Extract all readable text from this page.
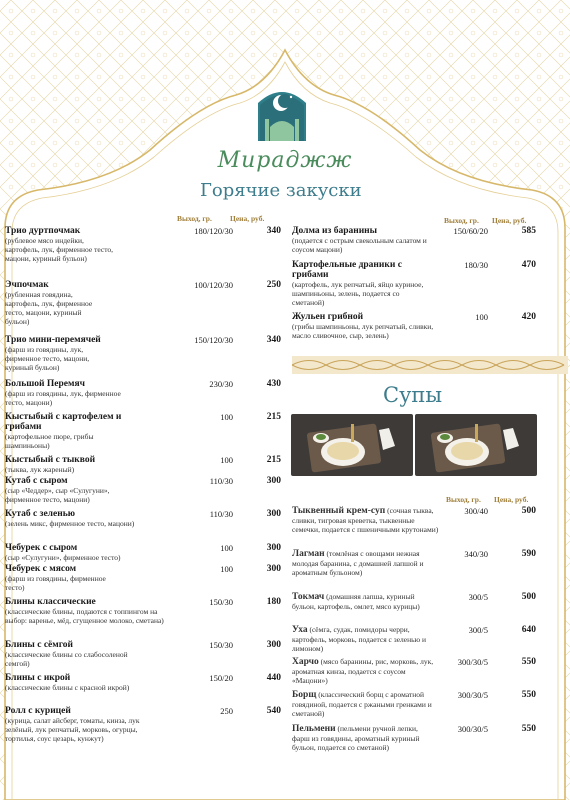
Мираджж
Горячие закуски
Выход, гр. Цена, руб.
Трио дуртпочмак
(рублевое мясо индейки, картофель, лук, фирменное тесто, мацони, куриный бульон)
180/120/30	340
Эчпочмак
(рубленная говядина, картофель, лук, фирменное тесто, мацони, куриный бульон)
100/120/30	250
Трио мини-перемячей
(фарш из говядины, лук, фирменное тесто, мацони, куриный бульон)
150/120/30	340
Большой Перемяч
(фарш из говядины, лук, фирменное тесто, мацони)
230/30	430
Кыстыбый с картофелем и грибами
(картофельное пюре, грибы шампиньоны)
100	215
Кыстыбый с тыквой
(тыква, лук жареный)
100	215
Кутаб с сыром
(сыр «Чеддер», сыр «Сулугуни», фирменное тесто, мацони)
110/30	300
Кутаб с зеленью
(зелень микс, фирменное тесто, мацони)
110/30	300
Чебурек с сыром
(сыр «Сулугуни», фирменное тесто)
100	300
Чебурек с мясом
(фарш из говядины, фирменное тесто)
100	300
Блины классические
(классические блины, подаются с топпингом на выбор: варенье, мёд, сгущенное молоко, сметана)
150/30	180
Блины с сёмгой
(классические блины со слабосоленой семгой)
150/30	300
Блины с икрой
(классические блины с красной икрой)
150/20	440
Ролл с курицей
(курица, салат айсберг, томаты, кинза, лук зелёный, лук репчатый, морковь, огурцы, тортилья, соус цезарь, кунжут)
250	540
Выход, гр. Цена, руб.
Долма из баранины
(подается с острым свекольным салатом и соусом мацони)
150/60/20	585
Картофельные драники с грибами
(картофель, лук репчатый, яйцо куриное, шампиньоны, зелень, подается со сметаной)
180/30	470
Жульен грибной
(грибы шампиньоны, лук репчатый, сливки, масло сливочное, сыр, зелень)
100	420
Супы
Выход, гр. Цена, руб.
Тыквенный крем-суп (сочная тыква, сливки, тигровая креветка, тыквенные семечки, подается с пшеничными крутонами)
300/40	500
Лагман (томлёная с овощами нежная молодая баранина, с домашней лапшой и ароматным бульоном)
340/30	590
Токмач (домашняя лапша, куриный бульон, картофель, омлет, мясо курицы)
300/5	500
Уха (сёмга, судак, помидоры черри, картофель, морковь, подается с зеленью и лимоном)
300/5	640
Харчо (мясо баранины, рис, морковь, лук, ароматная кинза, подается с соусом «Мацони»)
300/30/5	550
Борщ (классический борщ с ароматной говядиной, подается с ржаными гренками и сметаной)
300/30/5	550
Пельмени (пельмени ручной лепки, фарш из говядины, ароматный куриный бульон, подается со сметаной)
300/30/5	550
